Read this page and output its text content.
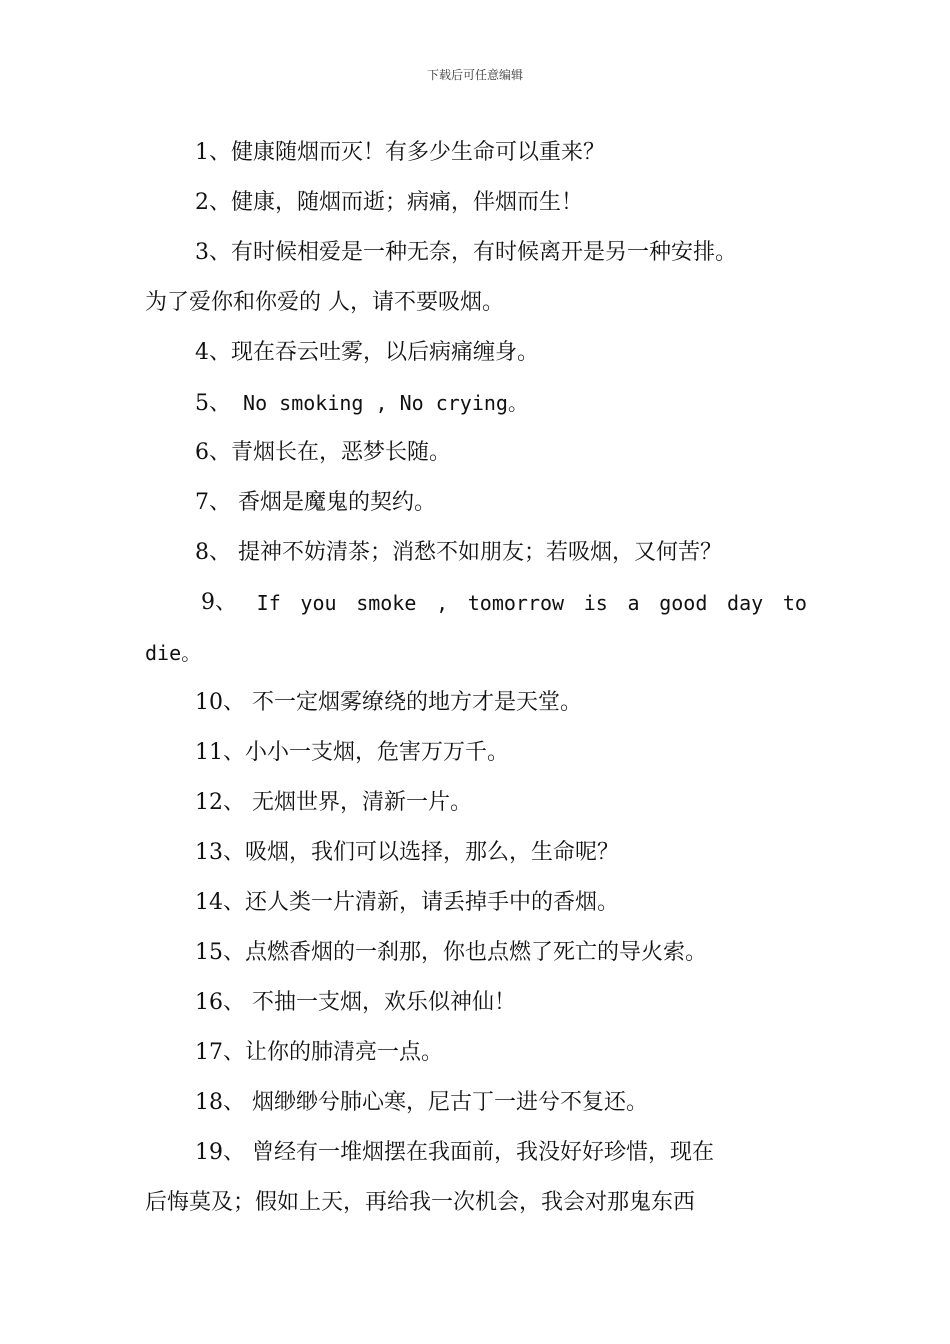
下载后可任意编辑
1、健康随烟而灭！有多少生命可以重来？
2、健康，随烟而逝；病痛，伴烟而生！
3、有时候相爱是一种无奈，有时候离开是另一种安排。
为了爱你和你爱的 人，请不要吸烟。
4、现在吞云吐雾，以后病痛缠身。
5、 No smoking , No crying。
6、青烟长在，恶梦长随。
7、 香烟是魔鬼的契约。
8、 提神不妨清茶；消愁不如朋友；若吸烟，又何苦？
9、 If you smoke , tomorrow is a good day to
die。
10、 不一定烟雾缭绕的地方才是天堂。
11、小小一支烟，危害万万千。
12、 无烟世界，清新一片。
13、吸烟，我们可以选择，那么，生命呢？
14、还人类一片清新，请丢掉手中的香烟。
15、点燃香烟的一刹那，你也点燃了死亡的导火索。
16、 不抽一支烟，欢乐似神仙！
17、让你的肺清亮一点。
18、 烟缈缈兮肺心寒，尼古丁一进兮不复还。
19、 曾经有一堆烟摆在我面前，我没好好珍惜，现在
后悔莫及；假如上天，再给我一次机会，我会对那鬼东西
